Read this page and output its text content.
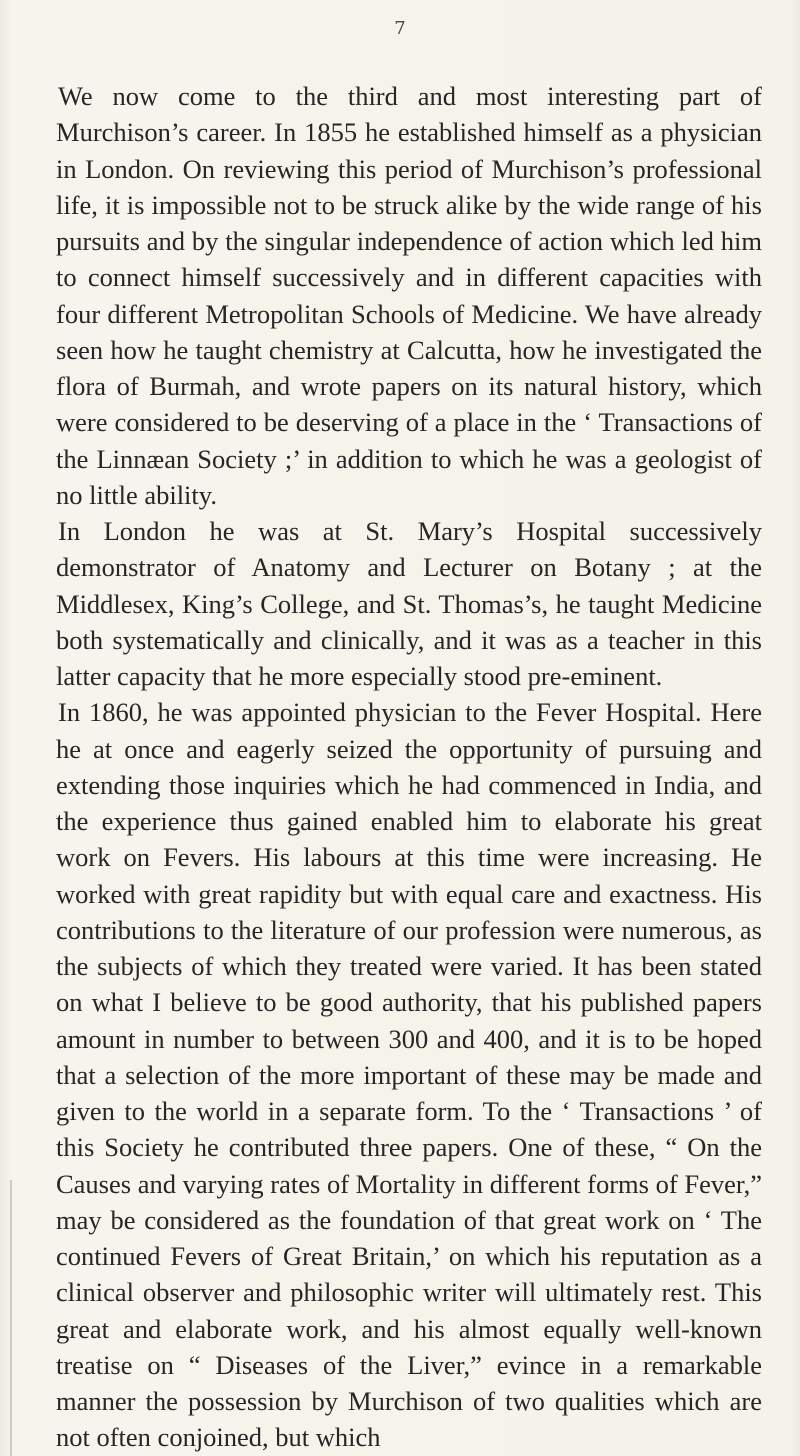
7

We now come to the third and most interesting part of Murchison’s career. In 1855 he established himself as a physician in London. On reviewing this period of Murchison’s professional life, it is impossible not to be struck alike by the wide range of his pursuits and by the singular independence of action which led him to connect himself successively and in different capacities with four different Metropolitan Schools of Medicine. We have already seen how he taught chemistry at Calcutta, how he investigated the flora of Burmah, and wrote papers on its natural history, which were considered to be deserving of a place in the ‘ Transactions of the Linnæan Society ;’ in addition to which he was a geologist of no little ability.

In London he was at St. Mary’s Hospital successively demonstrator of Anatomy and Lecturer on Botany ; at the Middlesex, King’s College, and St. Thomas’s, he taught Medicine both systematically and clinically, and it was as a teacher in this latter capacity that he more especially stood pre-eminent.

In 1860, he was appointed physician to the Fever Hospital. Here he at once and eagerly seized the opportunity of pursuing and extending those inquiries which he had commenced in India, and the experience thus gained enabled him to elaborate his great work on Fevers. His labours at this time were increasing. He worked with great rapidity but with equal care and exactness. His contributions to the literature of our profession were numerous, as the subjects of which they treated were varied. It has been stated on what I believe to be good authority, that his published papers amount in number to between 300 and 400, and it is to be hoped that a selection of the more important of these may be made and given to the world in a separate form. To the ‘ Transactions ’ of this Society he contributed three papers. One of these, “ On the Causes and varying rates of Mortality in different forms of Fever,” may be considered as the foundation of that great work on ‘ The continued Fevers of Great Britain,’ on which his reputation as a clinical observer and philosophic writer will ultimately rest. This great and elaborate work, and his almost equally well-known treatise on “ Diseases of the Liver,” evince in a remarkable manner the possession by Murchison of two qualities which are not often conjoined, but which
